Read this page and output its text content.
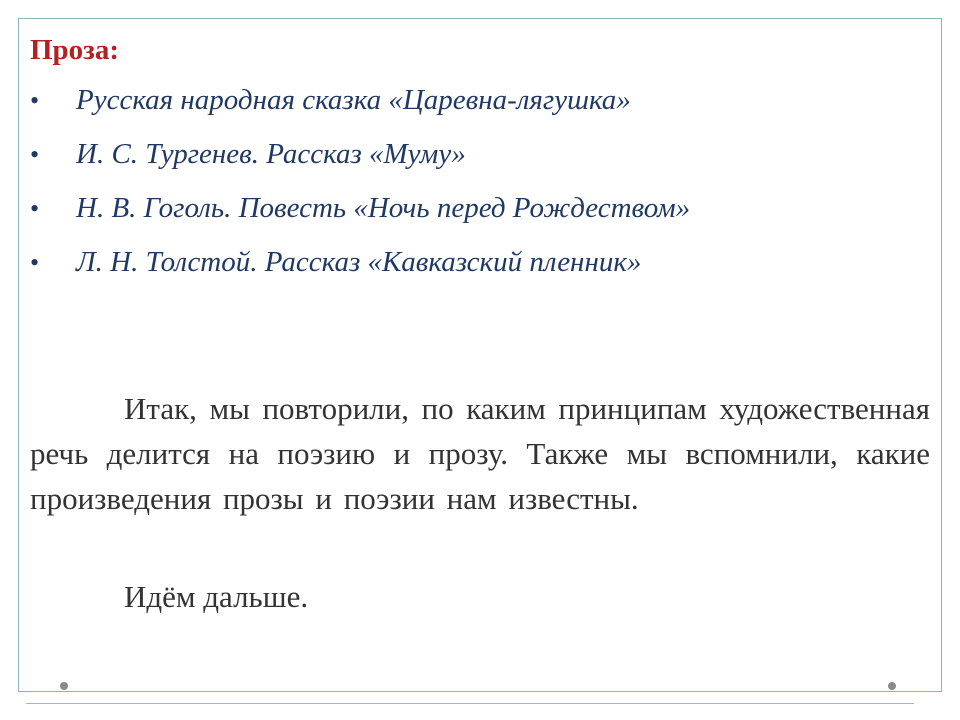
Проза:
•	Русская народная сказка «Царевна-лягушка»
•	И. С. Тургенев. Рассказ «Муму»
•	Н. В. Гоголь. Повесть «Ночь перед Рождеством»
•	Л. Н. Толстой. Рассказ «Кавказский пленник»

Итак, мы повторили, по каким принципам художественная речь делится на поэзию и прозу. Также мы вспомнили, какие произведения прозы и поэзии нам известны.

Идём дальше.
